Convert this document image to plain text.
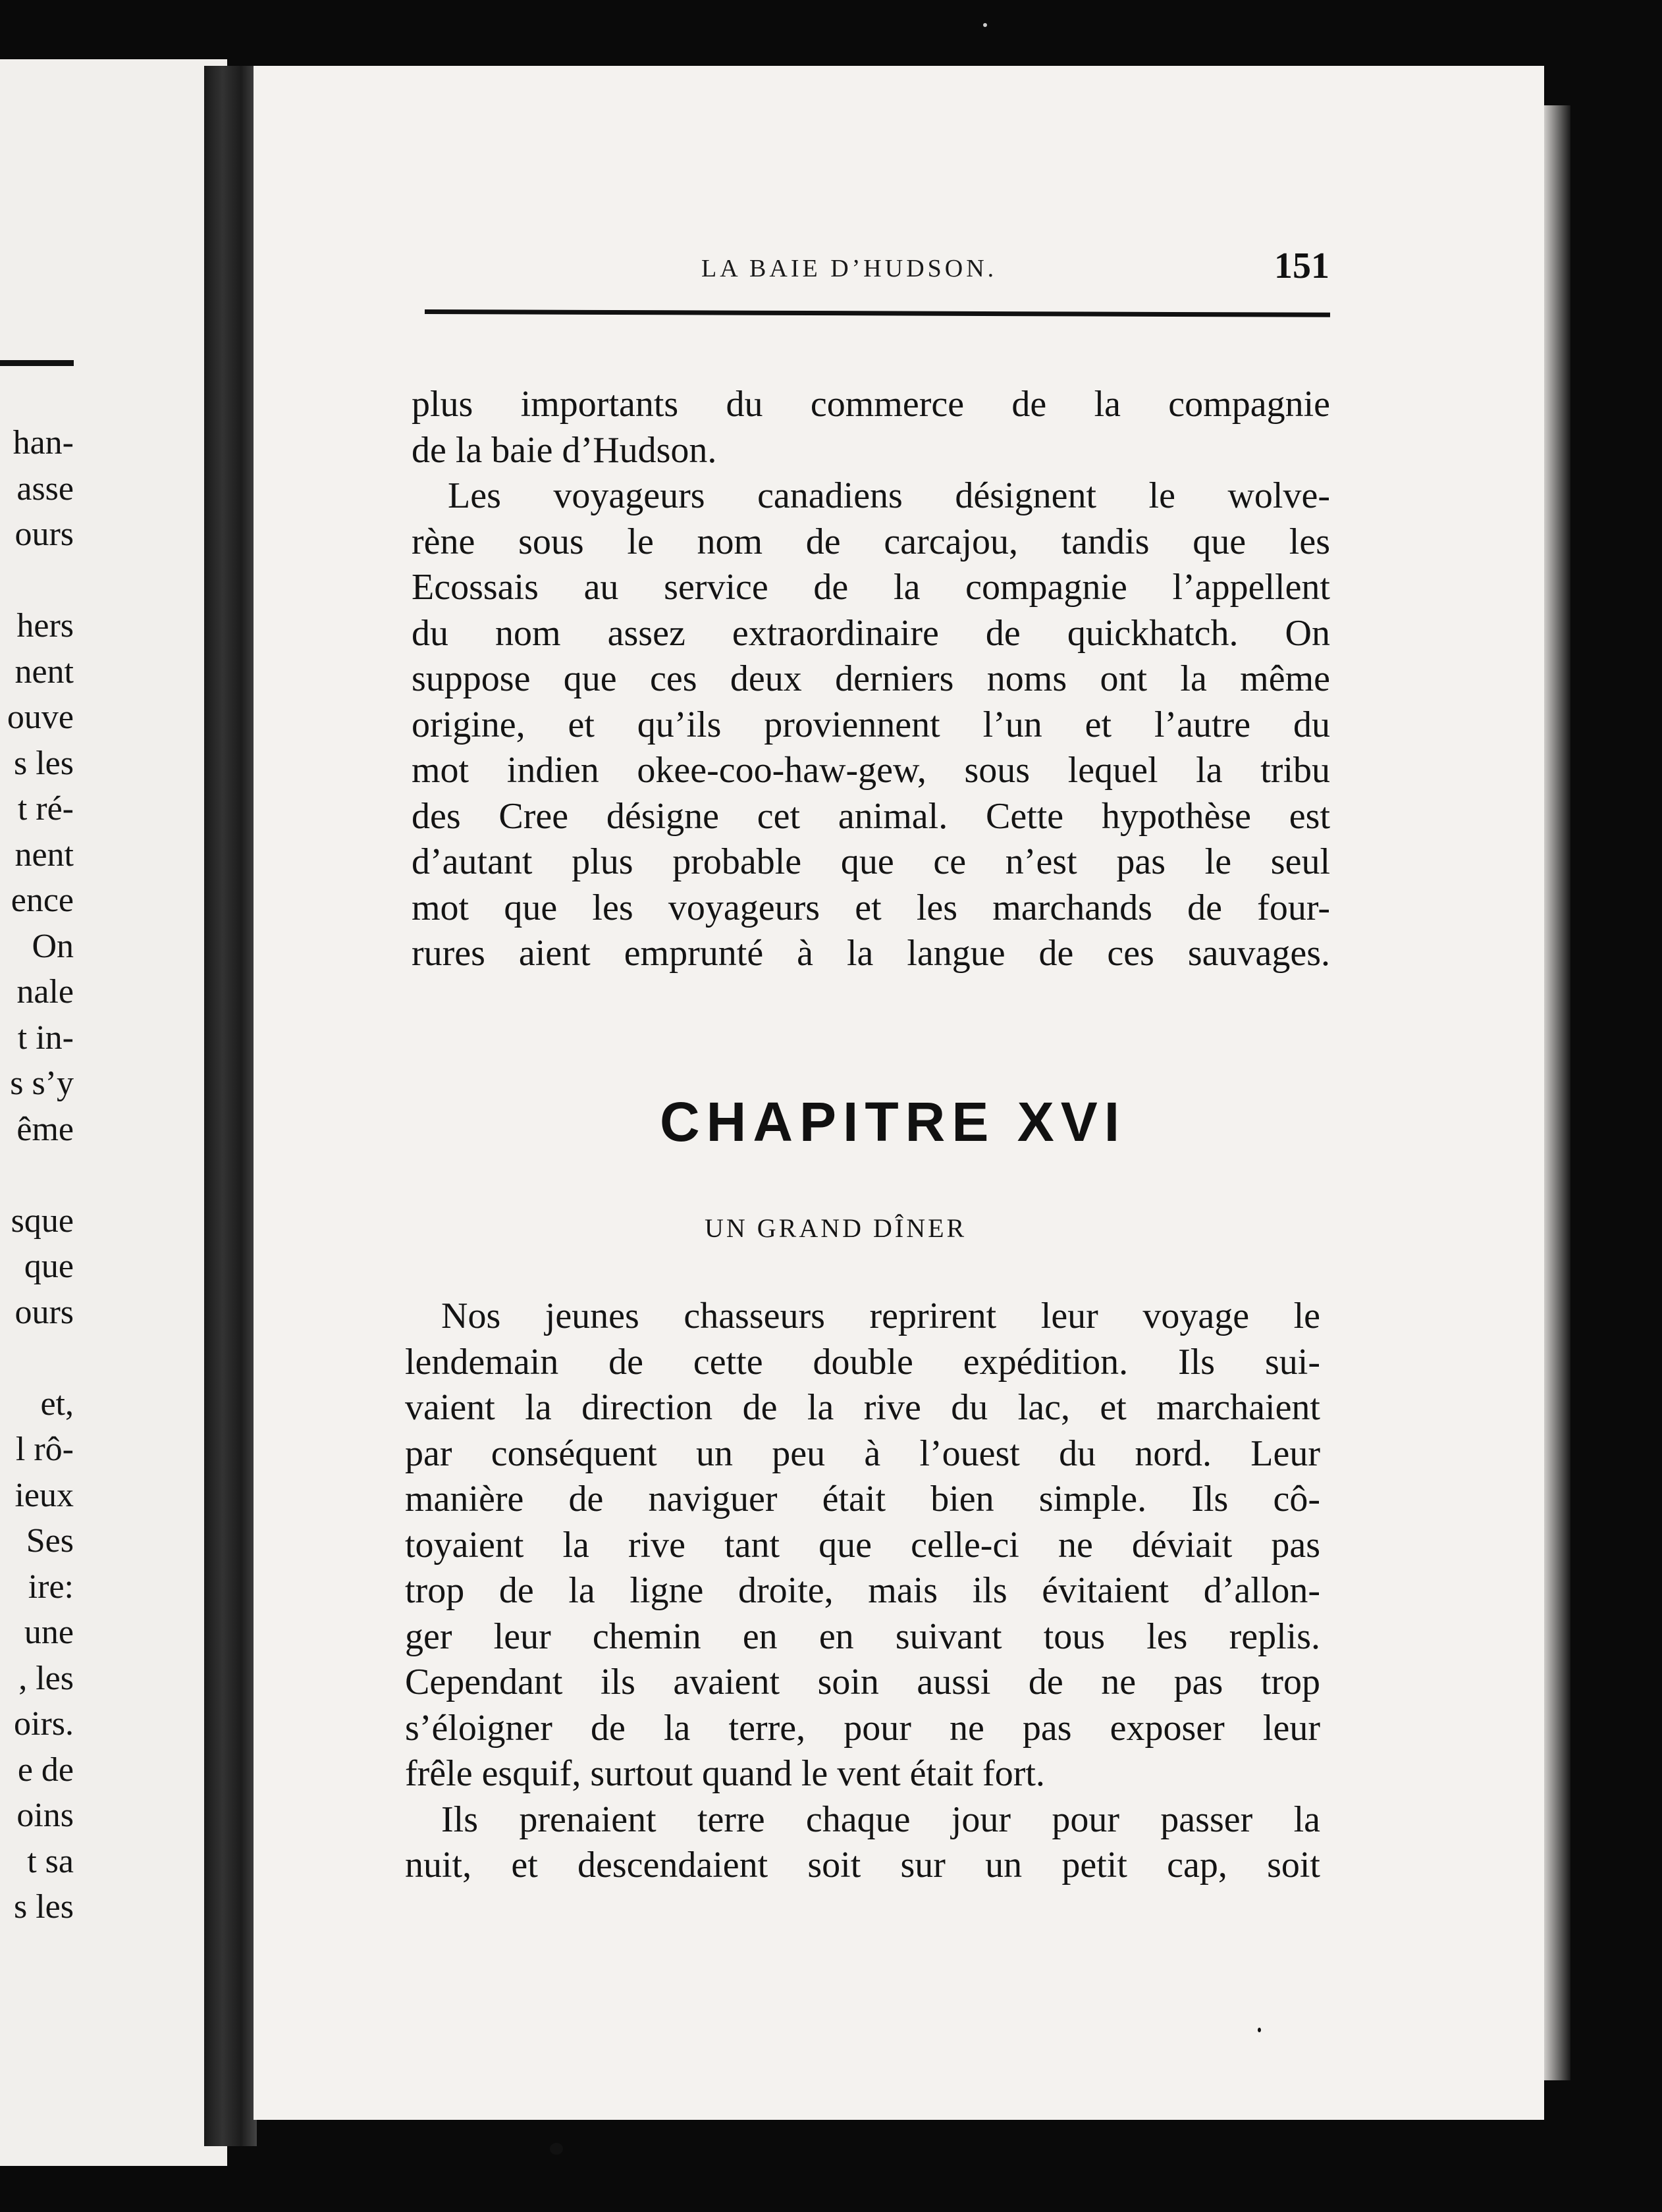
han-
asse
ours
hers
nent
ouve
s les
t ré-
nent
ence
On
nale
t in-
s s’y
ême
sque
que
ours
et,
l rô-
ieux
Ses
ire:
une
, les
oirs.
e de
oins
t sa
s les
LA BAIE D’HUDSON.	151
plus importants du commerce de la compagnie
de la baie d’Hudson.
Les voyageurs canadiens désignent le wolve-
rène sous le nom de carcajou, tandis que les
Ecossais au service de la compagnie l’appellent
du nom assez extraordinaire de quickhatch. On
suppose que ces deux derniers noms ont la même
origine, et qu’ils proviennent l’un et l’autre du
mot indien okee-coo-haw-gew, sous lequel la tribu
des Cree désigne cet animal. Cette hypothèse est
d’autant plus probable que ce n’est pas le seul
mot que les voyageurs et les marchands de four-
rures aient emprunté à la langue de ces sauvages.
CHAPITRE XVI
UN GRAND DÎNER
Nos jeunes chasseurs reprirent leur voyage le
lendemain de cette double expédition. Ils sui-
vaient la direction de la rive du lac, et marchaient
par conséquent un peu à l’ouest du nord. Leur
manière de naviguer était bien simple. Ils cô-
toyaient la rive tant que celle-ci ne déviait pas
trop de la ligne droite, mais ils évitaient d’allon-
ger leur chemin en en suivant tous les replis.
Cependant ils avaient soin aussi de ne pas trop
s’éloigner de la terre, pour ne pas exposer leur
frêle esquif, surtout quand le vent était fort.
Ils prenaient terre chaque jour pour passer la
nuit, et descendaient soit sur un petit cap, soit
